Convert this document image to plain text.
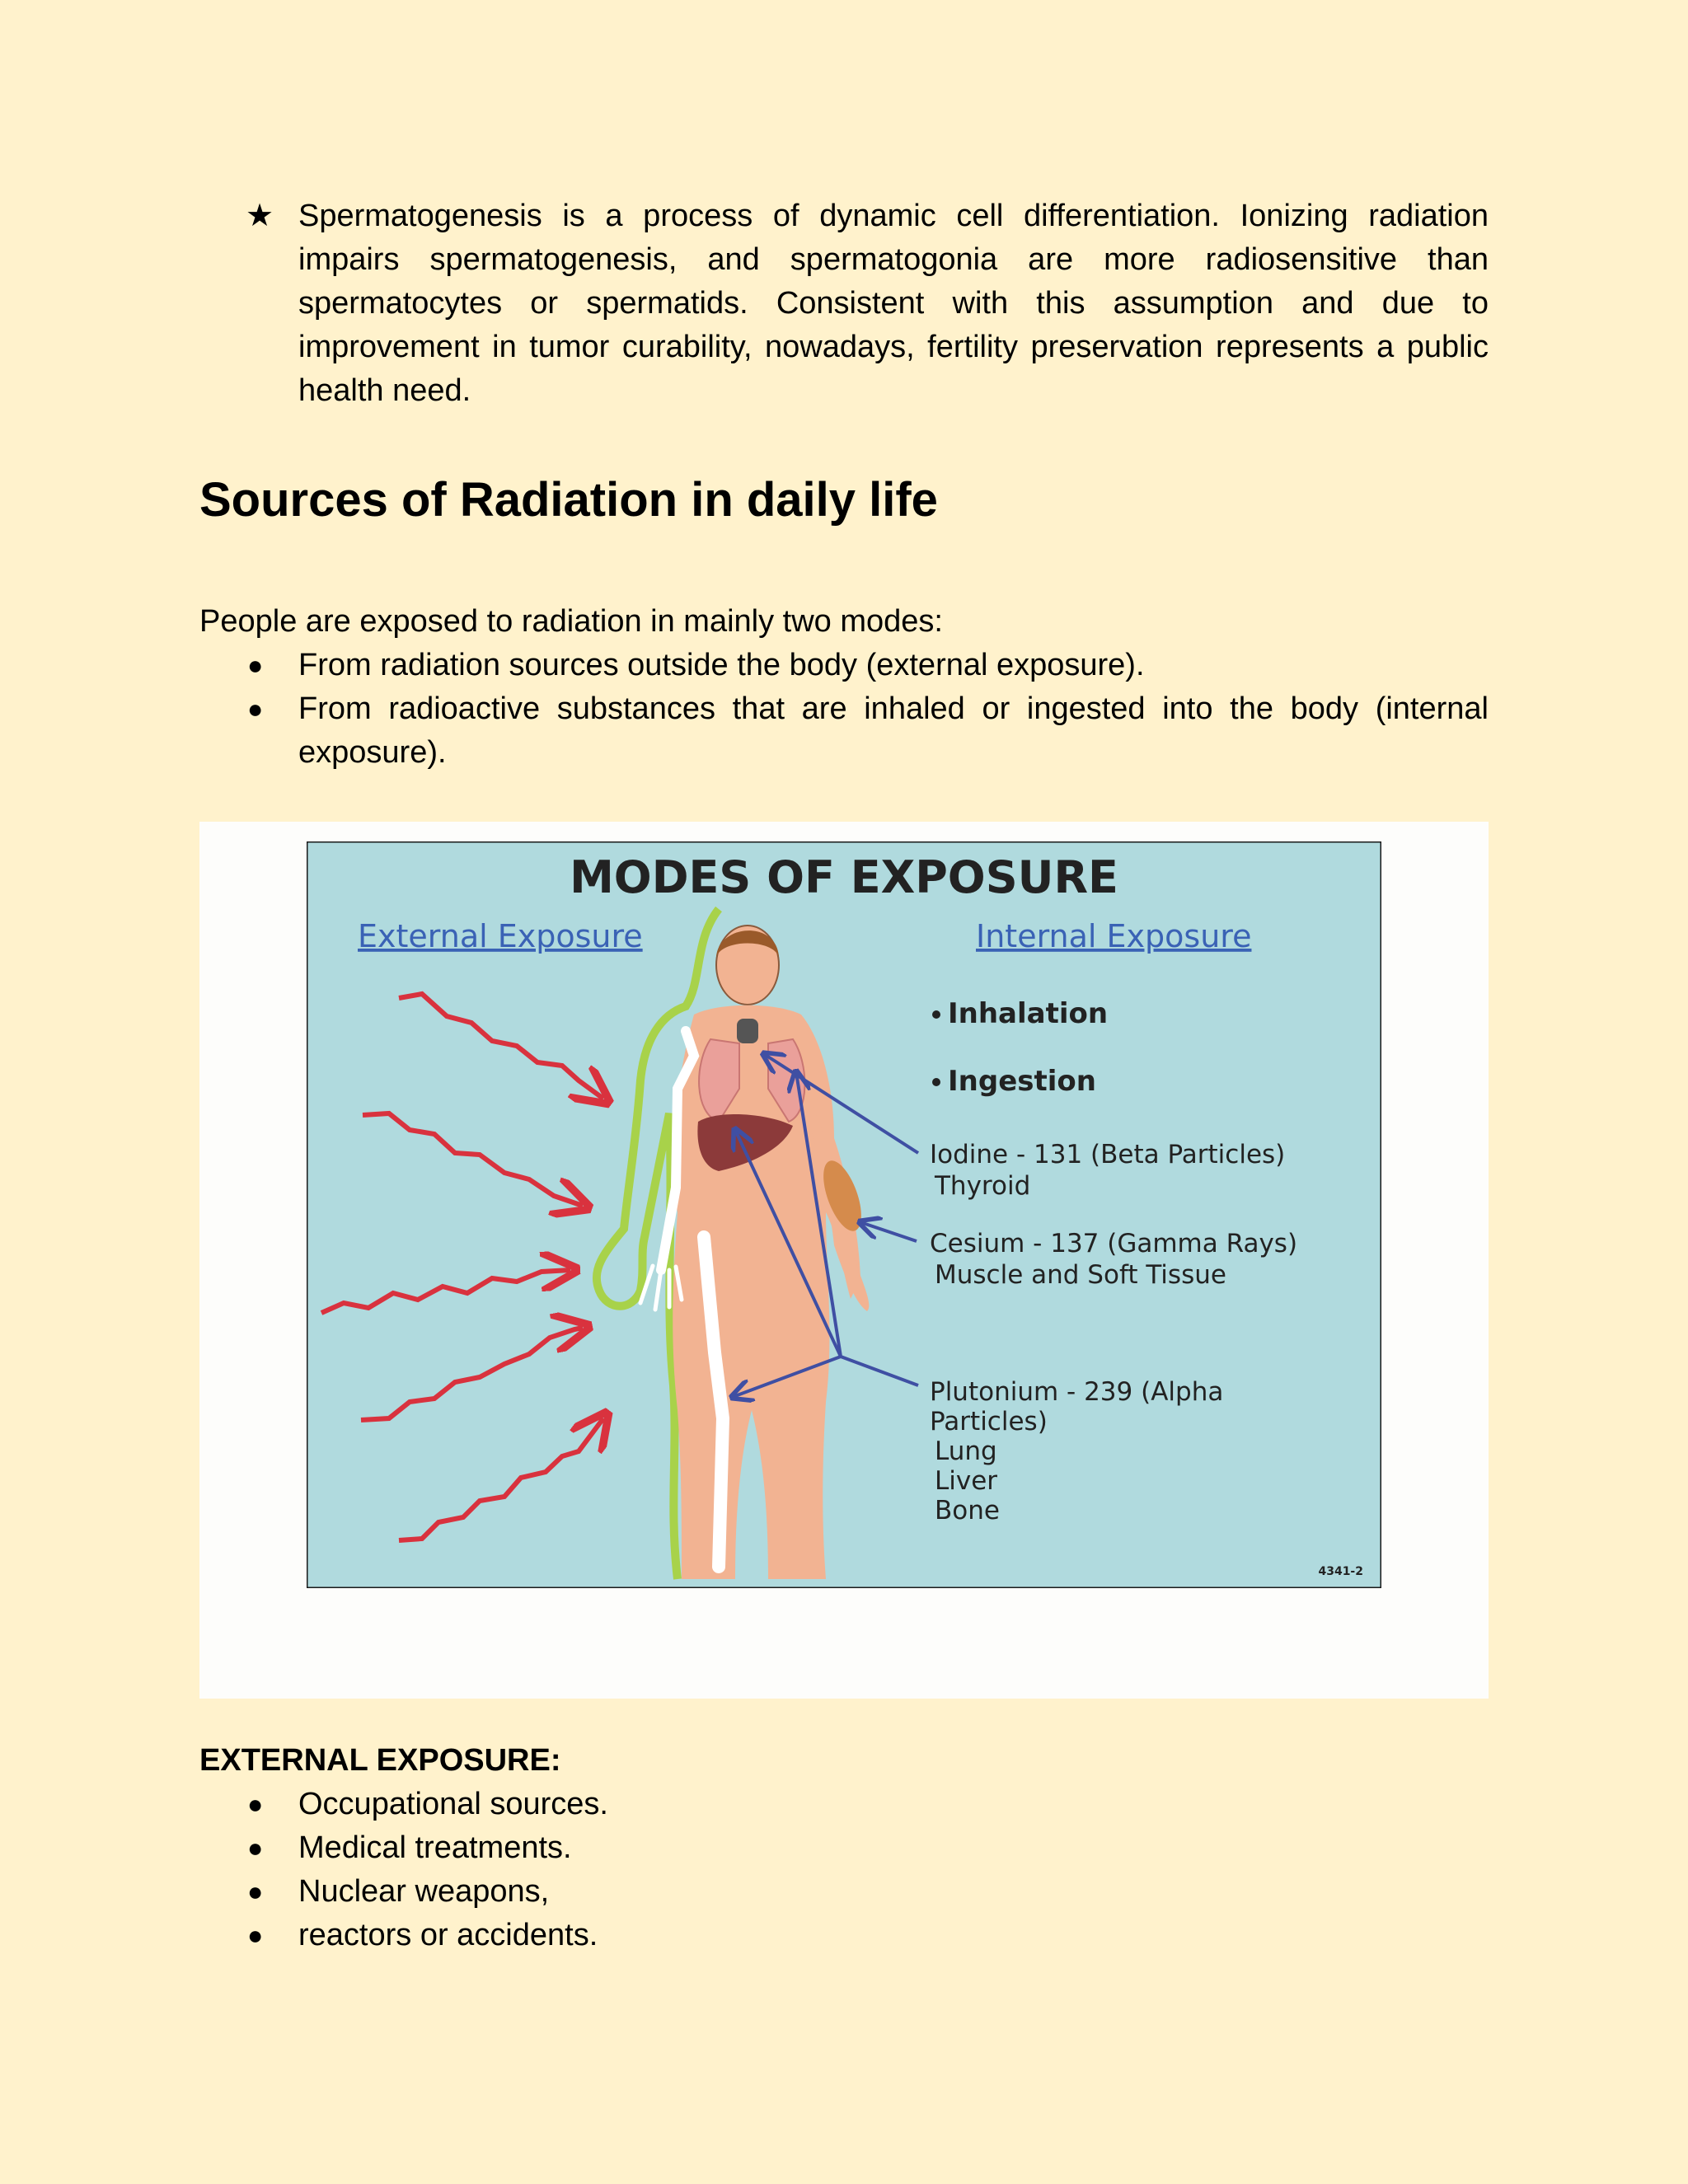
★ Spermatogenesis is a process of dynamic cell differentiation. Ionizing radiation impairs spermatogenesis, and spermatogonia are more radiosensitive than spermatocytes or spermatids. Consistent with this assumption and due to improvement in tumor curability, nowadays, fertility preservation represents a public health need.

Sources of Radiation in daily life

People are exposed to radiation in mainly two modes:

● From radiation sources outside the body (external exposure).
● From radioactive substances that are inhaled or ingested into the body (internal exposure).
MODES OF EXPOSURE
External Exposure	Internal Exposure
Inhalation
Ingestion
Iodine - 131 (Beta Particles)
Thyroid
Cesium - 137 (Gamma Rays)
Muscle and Soft Tissue
Plutonium - 239 (Alpha
Particles)
Lung
Liver
Bone
4341-2

EXTERNAL EXPOSURE:

● Occupational sources.
● Medical treatments.
● Nuclear weapons,
● reactors or accidents.
